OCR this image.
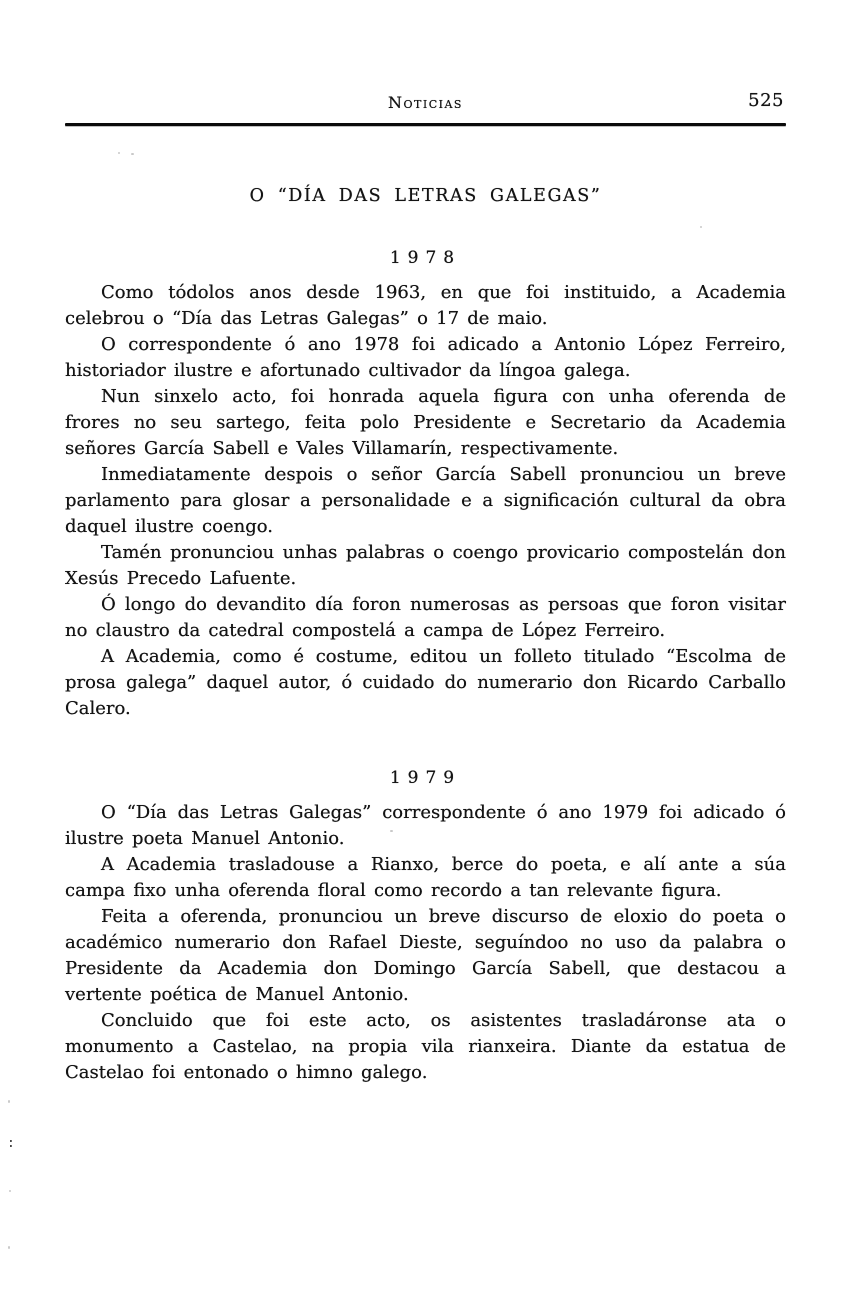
Noticias	525
O “DÍA DAS LETRAS GALEGAS”
1978

Como tódolos anos desde 1963, en que foi instituido, a Academia celebrou o “Día das Letras Galegas” o 17 de maio.

O correspondente ó ano 1978 foi adicado a Antonio López Ferreiro, historiador ilustre e afortunado cultivador da língoa galega.

Nun sinxelo acto, foi honrada aquela figura con unha oferenda de frores no seu sartego, feita polo Presidente e Secretario da Academia señores García Sabell e Vales Villamarín, respectivamente.

Inmediatamente despois o señor García Sabell pronunciou un breve parlamento para glosar a personalidade e a significación cultural da obra daquel ilustre coengo.

Tamén pronunciou unhas palabras o coengo provicario compostelán don Xesús Precedo Lafuente.

Ó longo do devandito día foron numerosas as persoas que foron visitar no claustro da catedral compostelá a campa de López Ferreiro.

A Academia, como é costume, editou un folleto titulado “Escolma de prosa galega” daquel autor, ó cuidado do numerario don Ricardo Carballo Calero.

1979

O “Día das Letras Galegas” correspondente ó ano 1979 foi adicado ó ilustre poeta Manuel Antonio.

A Academia trasladouse a Rianxo, berce do poeta, e alí ante a súa campa fixo unha oferenda floral como recordo a tan relevante figura.

Feita a oferenda, pronunciou un breve discurso de eloxio do poeta o académico numerario don Rafael Dieste, seguíndoo no uso da palabra o Presidente da Academia don Domingo García Sabell, que destacou a vertente poética de Manuel Antonio.

Concluido que foi este acto, os asistentes trasladáronse ata o monumento a Castelao, na propia vila rianxeira. Diante da estatua de Castelao foi entonado o himno galego.

:
